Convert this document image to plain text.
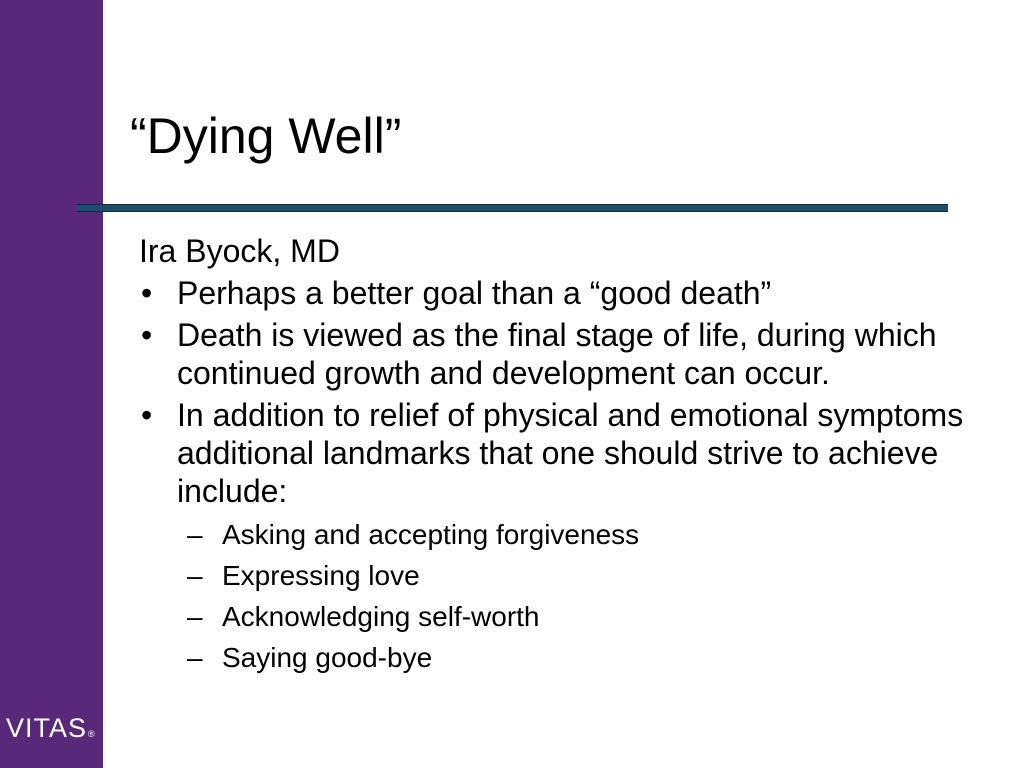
VITAS®
“Dying Well”

Ira Byock, MD

• Perhaps a better goal than a “good death”
• Death is viewed as the final stage of life, during which continued growth and development can occur.
• In addition to relief of physical and emotional symptoms additional landmarks that one should strive to achieve include:
– Asking and accepting forgiveness
– Expressing love
– Acknowledging self-worth
– Saying good-bye
